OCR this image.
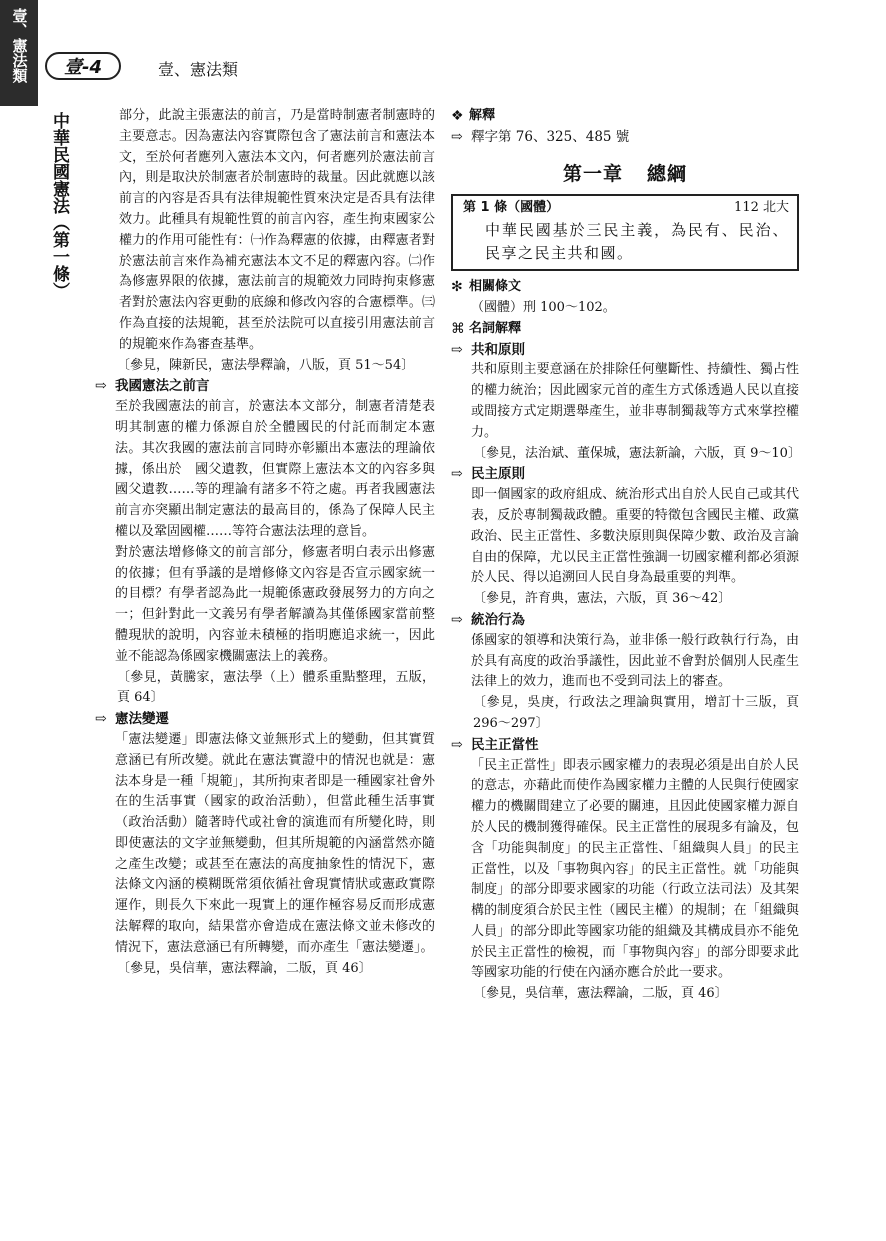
壹、憲法類	壹-4	壹、憲法類
中華民國憲法（第一條）	部分，此說主張憲法的前言，乃是當時制憲者制憲時的主要意志。因為憲法內容實際包含了憲法前言和憲法本文，至於何者應列入憲法本文內，何者應列於憲法前言內，則是取決於制憲者於制憲時的裁量。因此就應以該前言的內容是否具有法律規範性質來決定是否具有法律效力。此種具有規範性質的前言內容，產生拘束國家公權力的作用可能性有：㈠作為釋憲的依據，由釋憲者對於憲法前言來作為補充憲法本文不足的釋憲內容。㈡作為修憲界限的依據，憲法前言的規範效力同時拘束修憲者對於憲法內容更動的底線和修改內容的合憲標準。㈢作為直接的法規範，甚至於法院可以直接引用憲法前言的規範來作為審查基準。

〔參見，陳新民，憲法學釋論，八版，頁 51～54〕

⇨ 我國憲法之前言

至於我國憲法的前言，於憲法本文部分，制憲者清楚表明其制憲的權力係源自於全體國民的付託而制定本憲法。其次我國的憲法前言同時亦彰顯出本憲法的理論依據，係出於　國父遺教，但實際上憲法本文的內容多與　國父遺教……等的理論有諸多不符之處。再者我國憲法前言亦突顯出制定憲法的最高目的，係為了保障人民主權以及鞏固國權……等符合憲法法理的意旨。

對於憲法增修條文的前言部分，修憲者明白表示出修憲的依據；但有爭議的是增修條文內容是否宣示國家統一的目標？有學者認為此一規範係憲政發展努力的方向之一；但針對此一文義另有學者解讀為其僅係國家當前整體現狀的說明，內容並未積極的指明應追求統一，因此並不能認為係國家機關憲法上的義務。

〔參見，黃騰家，憲法學（上）體系重點整理，五版，頁 64〕

⇨ 憲法變遷

「憲法變遷」即憲法條文並無形式上的變動，但其實質意涵已有所改變。就此在憲法實證中的情況也就是：憲法本身是一種「規範」，其所拘束者即是一種國家社會外在的生活事實（國家的政治活動），但當此種生活事實（政治活動）隨著時代或社會的演進而有所變化時，則即使憲法的文字並無變動，但其所規範的內涵當然亦隨之產生改變；或甚至在憲法的高度抽象性的情況下，憲法條文內涵的模糊既常須依循社會現實情狀或憲政實際運作，則長久下來此一現實上的運作極容易反而形成憲法解釋的取向，結果當亦會造成在憲法條文並未修改的情況下，憲法意涵已有所轉變，而亦產生「憲法變遷」。

〔參見，吳信華，憲法釋論，二版，頁 46〕

❖ 解釋

⇨ 釋字第 76、325、485 號

第一章 總綱
第 1 條（國體）	112 北大
中華民國基於三民主義，為民有、民治、民享之民主共和國。

✻ 相關條文

（國體）刑 100～102。

⌘ 名詞解釋

⇨ 共和原則

共和原則主要意涵在於排除任何壟斷性、持續性、獨占性的權力統治；因此國家元首的產生方式係透過人民以直接或間接方式定期選舉產生，並非專制獨裁等方式來掌控權力。

〔參見，法治斌、董保城，憲法新論，六版，頁 9～10〕

⇨ 民主原則

即一個國家的政府組成、統治形式出自於人民自己或其代表，反於專制獨裁政體。重要的特徵包含國民主權、政黨政治、民主正當性、多數決原則與保障少數、政治及言論自由的保障，尤以民主正當性強調一切國家權利都必須源於人民、得以追溯回人民自身為最重要的判準。

〔參見，許育典，憲法，六版，頁 36～42〕

⇨ 統治行為

係國家的領導和決策行為，並非係一般行政執行行為，由於具有高度的政治爭議性，因此並不會對於個別人民產生法律上的效力，進而也不受到司法上的審查。

〔參見，吳庚，行政法之理論與實用，增訂十三版，頁 296～297〕

⇨ 民主正當性

「民主正當性」即表示國家權力的表現必須是出自於人民的意志，亦藉此而使作為國家權力主體的人民與行使國家權力的機關間建立了必要的關連，且因此使國家權力源自於人民的機制獲得確保。民主正當性的展現多有論及，包含「功能與制度」的民主正當性、「組織與人員」的民主正當性，以及「事物與內容」的民主正當性。就「功能與制度」的部分即要求國家的功能（行政立法司法）及其架構的制度須合於民主性（國民主權）的規制；在「組織與人員」的部分即此等國家功能的組織及其構成員亦不能免於民主正當性的檢視，而「事物與內容」的部分即要求此等國家功能的行使在內涵亦應合於此一要求。

〔參見，吳信華，憲法釋論，二版，頁 46〕
